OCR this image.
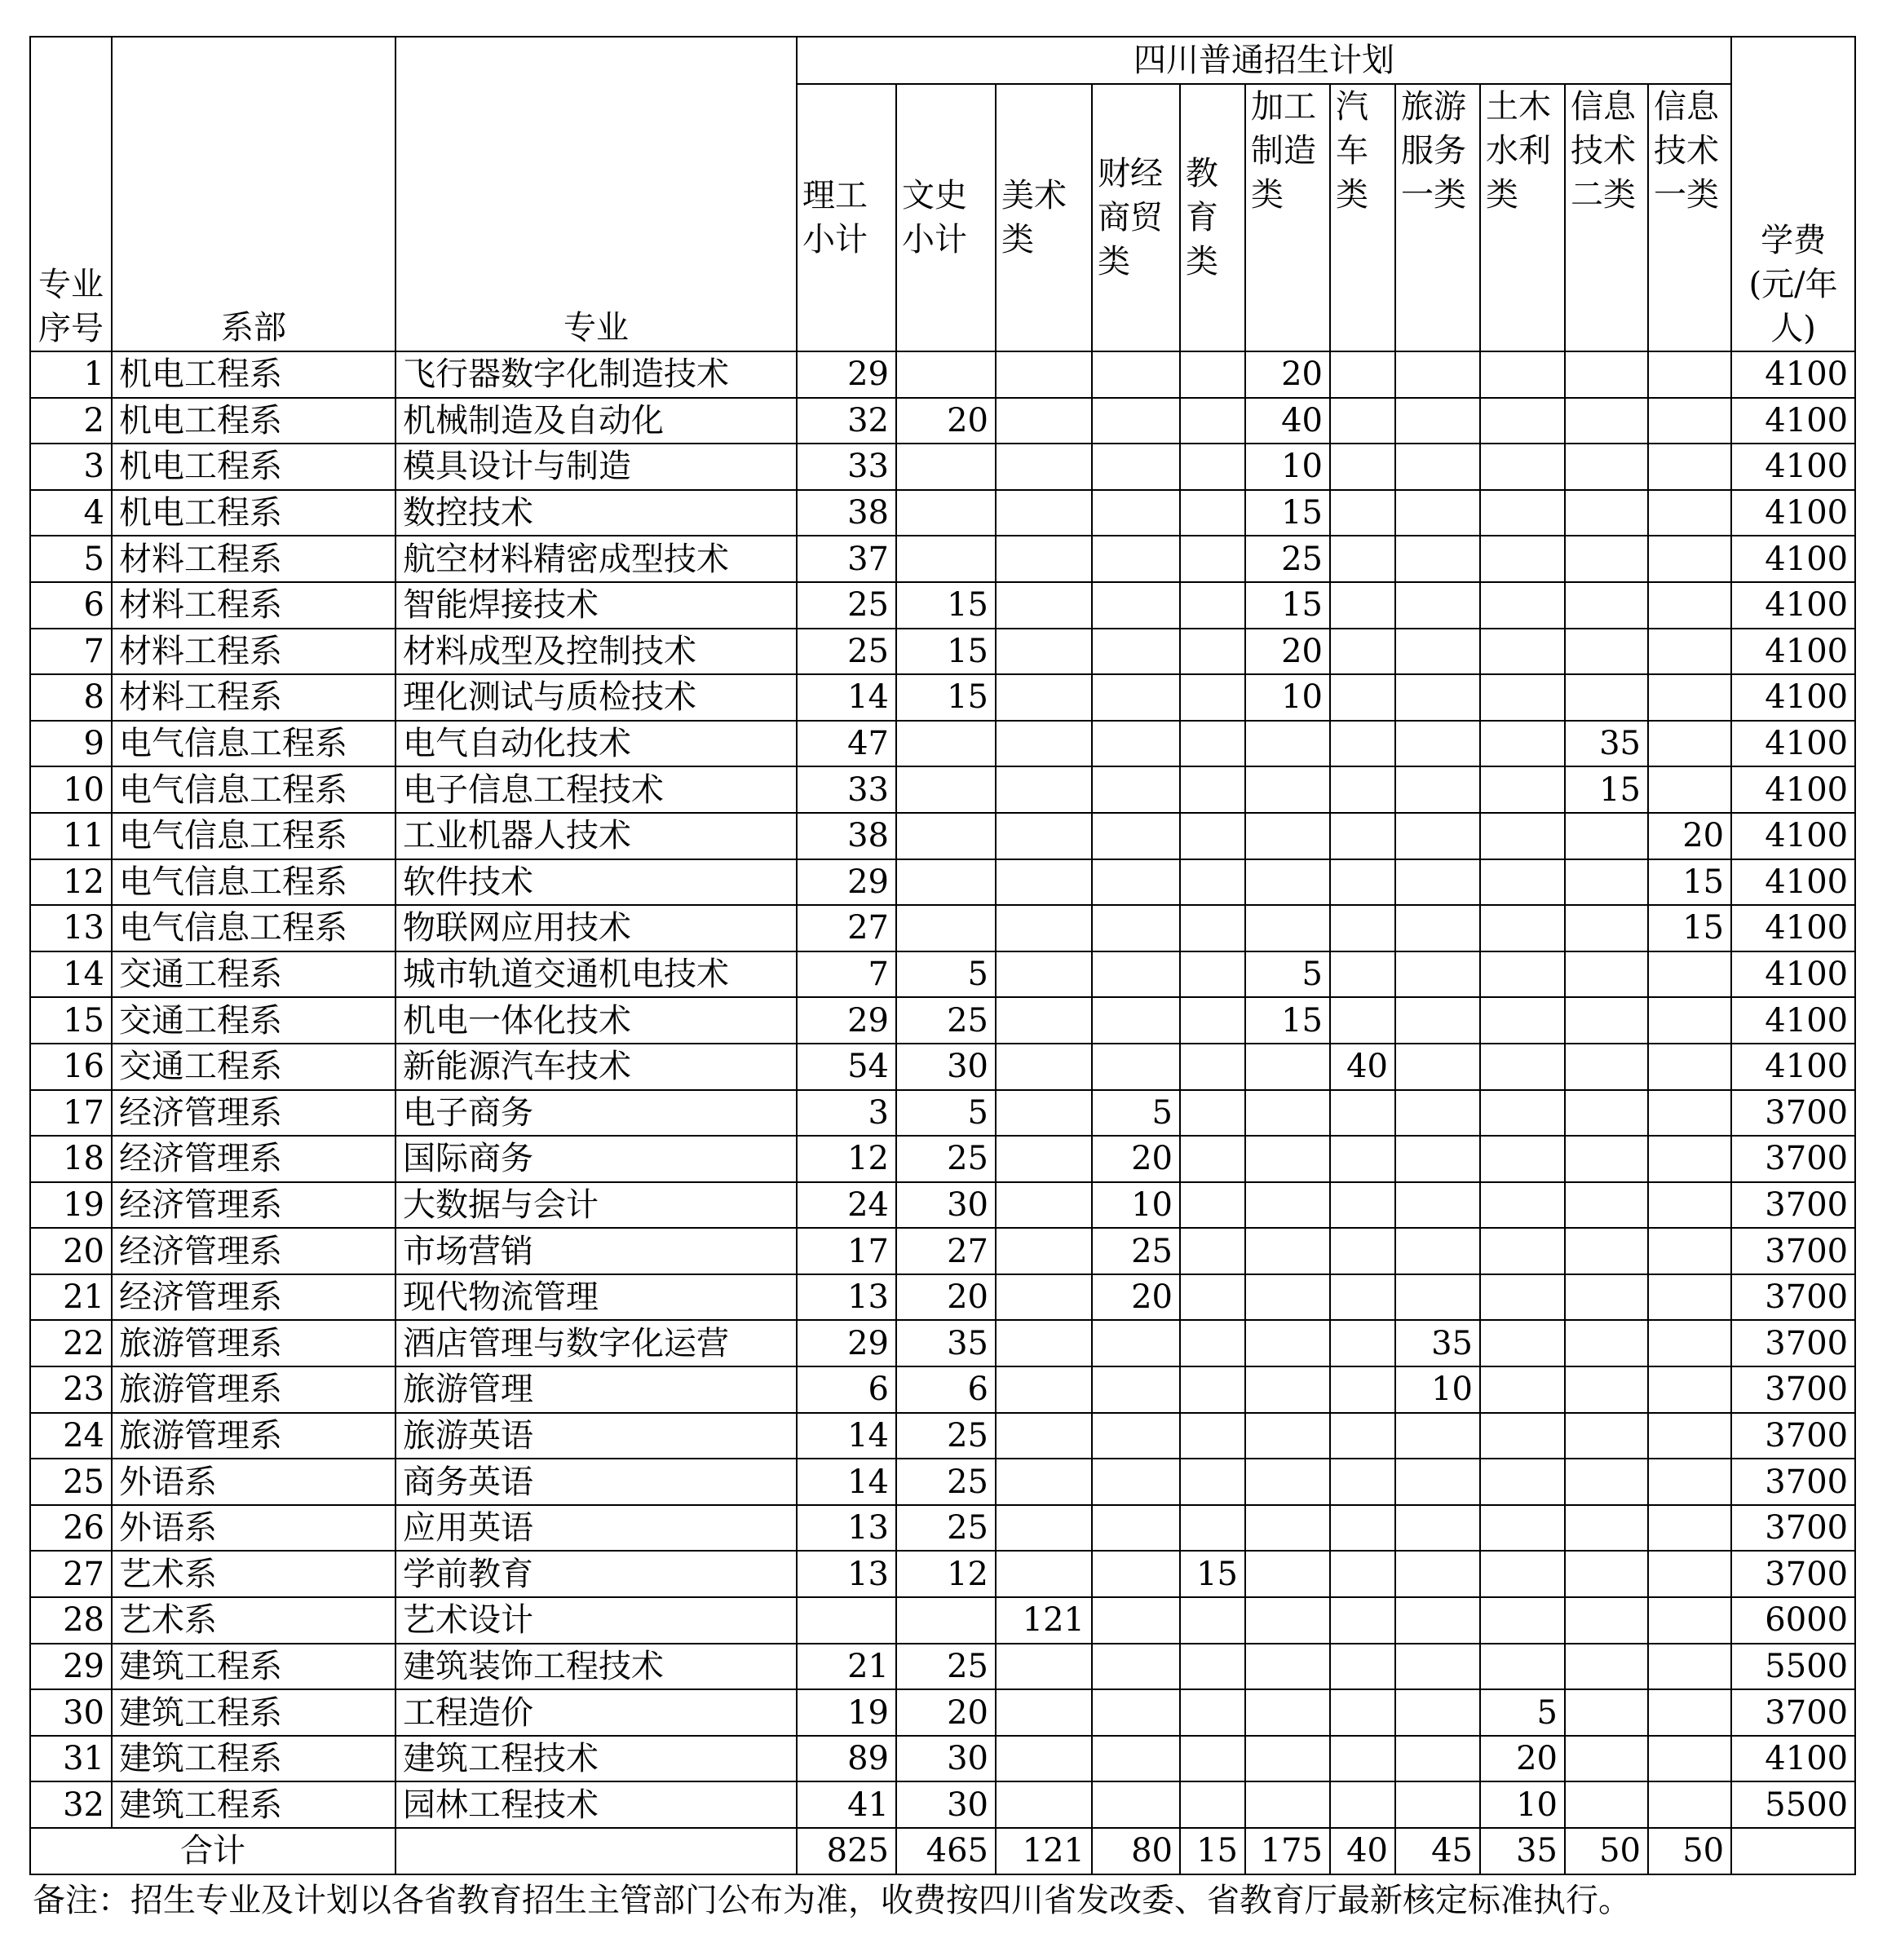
专业序号	系部	专业	四川普通招生计划											学费(元/年人)
			理工小计	文史小计	美术类	财经商贸类	教育类	加工制造类	汽车类	旅游服务一类	土木水利类	信息技术二类	信息技术一类	
1	机电工程系	飞行器数字化制造技术	29					20						4100
2	机电工程系	机械制造及自动化	32	20				40						4100
3	机电工程系	模具设计与制造	33					10						4100
4	机电工程系	数控技术	38					15						4100
5	材料工程系	航空材料精密成型技术	37					25						4100
6	材料工程系	智能焊接技术	25	15				15						4100
7	材料工程系	材料成型及控制技术	25	15				20						4100
8	材料工程系	理化测试与质检技术	14	15				10						4100
9	电气信息工程系	电气自动化技术	47									35		4100
10	电气信息工程系	电子信息工程技术	33									15		4100
11	电气信息工程系	工业机器人技术	38										20	4100
12	电气信息工程系	软件技术	29										15	4100
13	电气信息工程系	物联网应用技术	27										15	4100
14	交通工程系	城市轨道交通机电技术	7	5				5						4100
15	交通工程系	机电一体化技术	29	25				15						4100
16	交通工程系	新能源汽车技术	54	30					40					4100
17	经济管理系	电子商务	3	5		5								3700
18	经济管理系	国际商务	12	25		20								3700
19	经济管理系	大数据与会计	24	30		10								3700
20	经济管理系	市场营销	17	27		25								3700
21	经济管理系	现代物流管理	13	20		20								3700
22	旅游管理系	酒店管理与数字化运营	29	35						35				3700
23	旅游管理系	旅游管理	6	6						10				3700
24	旅游管理系	旅游英语	14	25										3700
25	外语系	商务英语	14	25										3700
26	外语系	应用英语	13	25										3700
27	艺术系	学前教育	13	12			15							3700
28	艺术系	艺术设计			121									6000
29	建筑工程系	建筑装饰工程技术	21	25										5500
30	建筑工程系	工程造价	19	20							5			3700
31	建筑工程系	建筑工程技术	89	30							20			4100
32	建筑工程系	园林工程技术	41	30							10			5500
合计			825	465	121	80	15	175	40	45	35	50	50	
备注：招生专业及计划以各省教育招生主管部门公布为准，收费按四川省发改委、省教育厅最新核定标准执行。
